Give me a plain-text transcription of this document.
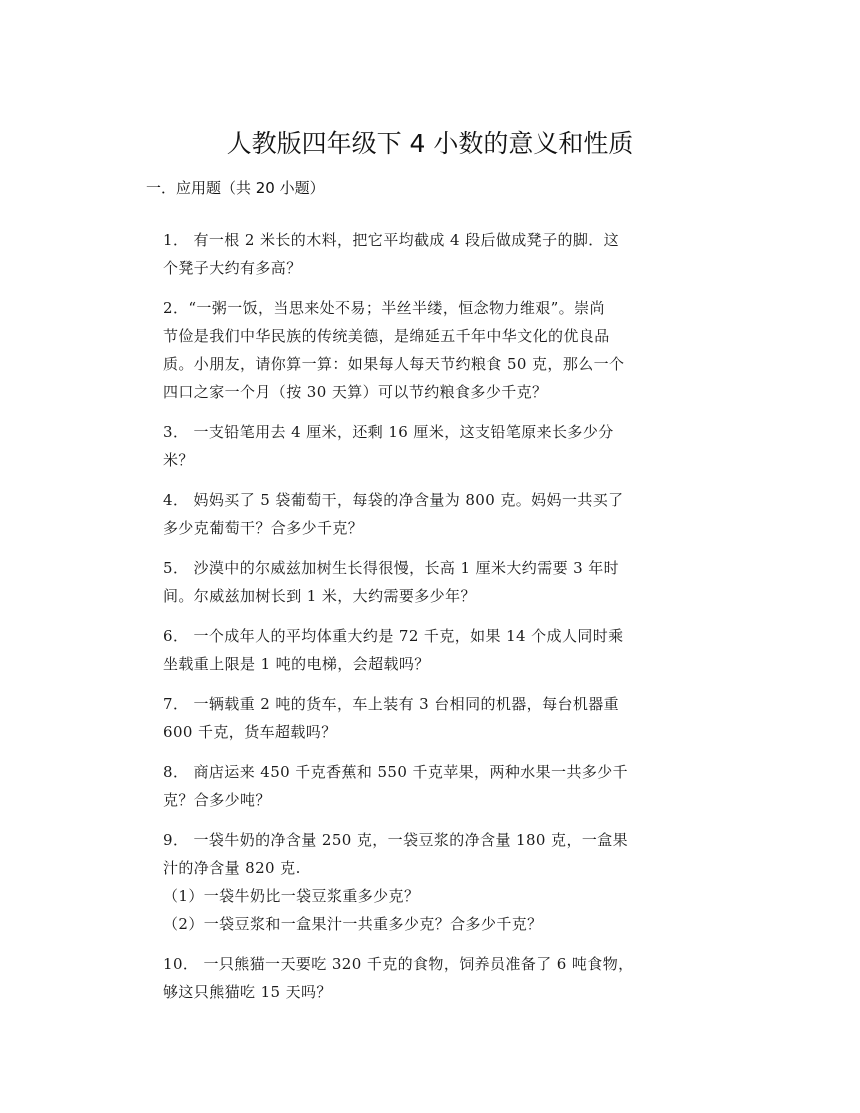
人教版四年级下 4 小数的意义和性质
一．应用题（共 20 小题）

1． 有一根 2 米长的木料，把它平均截成 4 段后做成凳子的脚．这

个凳子大约有多高？

2．“一粥一饭，当思来处不易；半丝半缕，恒念物力维艰”。崇尚

节俭是我们中华民族的传统美德，是绵延五千年中华文化的优良品

质。小朋友，请你算一算：如果每人每天节约粮食 50 克，那么一个

四口之家一个月（按 30 天算）可以节约粮食多少千克？

3． 一支铅笔用去 4 厘米，还剩 16 厘米，这支铅笔原来长多少分

米？

4． 妈妈买了 5 袋葡萄干，每袋的净含量为 800 克。妈妈一共买了

多少克葡萄干？合多少千克？

5． 沙漠中的尔威兹加树生长得很慢，长高 1 厘米大约需要 3 年时

间。尔威兹加树长到 1 米，大约需要多少年？

6． 一个成年人的平均体重大约是 72 千克，如果 14 个成人同时乘

坐载重上限是 1 吨的电梯，会超载吗？

7． 一辆载重 2 吨的货车，车上装有 3 台相同的机器，每台机器重

600 千克，货车超载吗？

8． 商店运来 450 千克香蕉和 550 千克苹果，两种水果一共多少千

克？合多少吨？

9． 一袋牛奶的净含量 250 克，一袋豆浆的净含量 180 克，一盒果

汁的净含量 820 克.

（1）一袋牛奶比一袋豆浆重多少克？

（2）一袋豆浆和一盒果汁一共重多少克？合多少千克？

10． 一只熊猫一天要吃 320 千克的食物，饲养员准备了 6 吨食物，

够这只熊猫吃 15 天吗？
